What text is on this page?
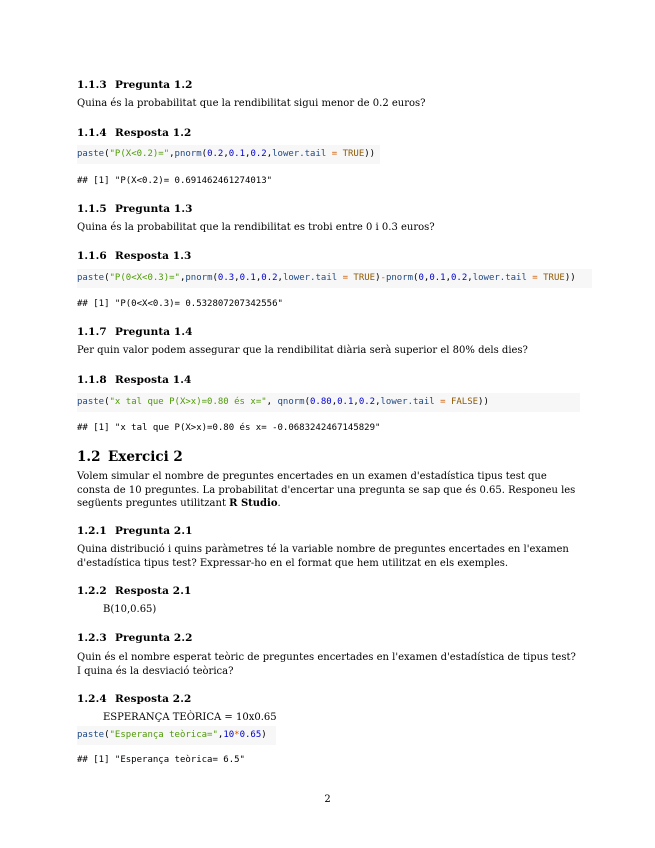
1.1.3 Pregunta 1.2
Quina és la probabilitat que la rendibilitat sigui menor de 0.2 euros?
1.1.4 Resposta 1.2
paste("P(X<0.2)=",pnorm(0.2,0.1,0.2,lower.tail = TRUE))
## [1] "P(X<0.2)= 0.691462461274013"
1.1.5 Pregunta 1.3
Quina és la probabilitat que la rendibilitat es trobi entre 0 i 0.3 euros?
1.1.6 Resposta 1.3
paste("P(0<X<0.3)=",pnorm(0.3,0.1,0.2,lower.tail = TRUE)-pnorm(0,0.1,0.2,lower.tail = TRUE))
## [1] "P(0<X<0.3)= 0.532807207342556"
1.1.7 Pregunta 1.4
Per quin valor podem assegurar que la rendibilitat diària serà superior el 80% dels dies?
1.1.8 Resposta 1.4
paste("x tal que P(X>x)=0.80 és x=", qnorm(0.80,0.1,0.2,lower.tail = FALSE))
## [1] "x tal que P(X>x)=0.80 és x= -0.0683242467145829"
1.2 Exercici 2
Volem simular el nombre de preguntes encertades en un examen d'estadística tipus test que consta de 10 preguntes. La probabilitat d'encertar una pregunta se sap que és 0.65. Responeu les següents preguntes utilitzant R Studio.
1.2.1 Pregunta 2.1
Quina distribució i quins paràmetres té la variable nombre de preguntes encertades en l'examen d'estadística tipus test? Expressar-ho en el format que hem utilitzat en els exemples.
1.2.2 Resposta 2.1
B(10,0.65)
1.2.3 Pregunta 2.2
Quin és el nombre esperat teòric de preguntes encertades en l'examen d'estadística de tipus test? I quina és la desviació teòrica?
1.2.4 Resposta 2.2
ESPERANÇA TEÒRICA = 10x0.65
paste("Esperança teòrica=",10*0.65)
## [1] "Esperança teòrica= 6.5"
2
